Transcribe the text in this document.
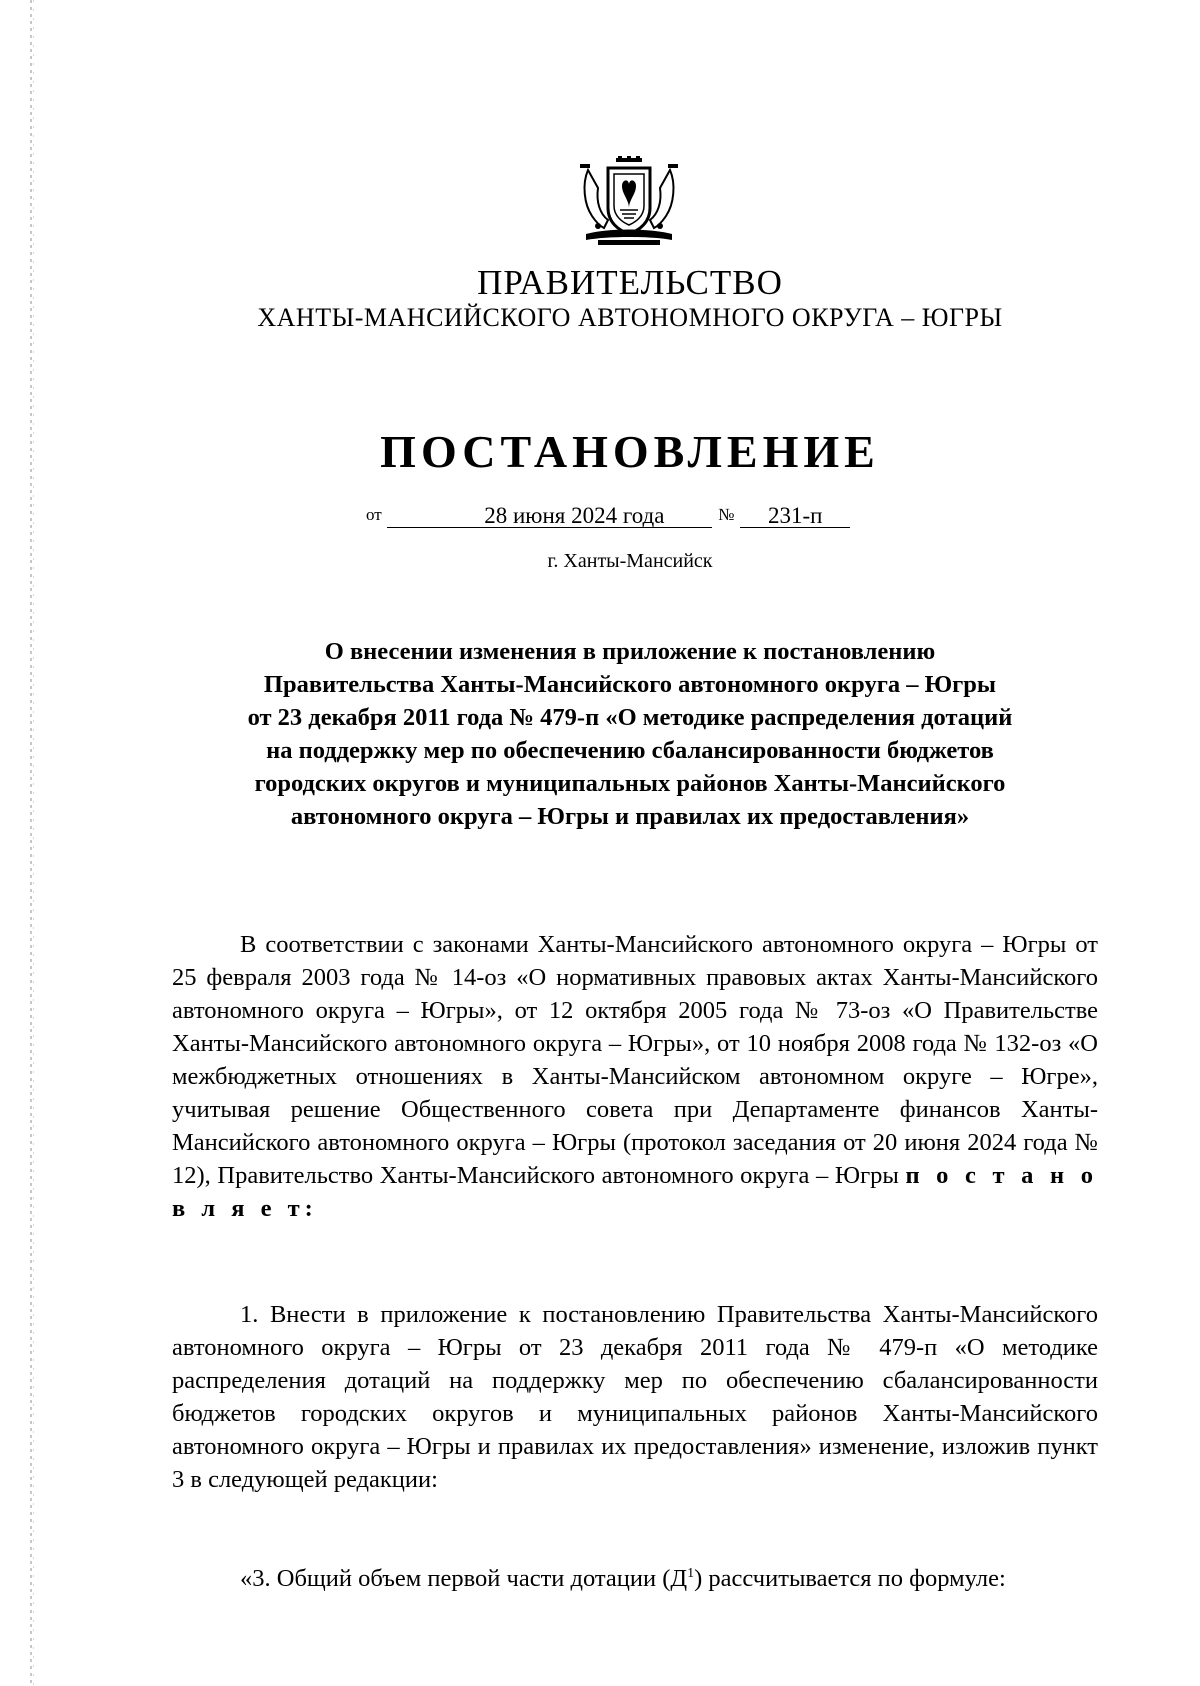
ПРАВИТЕЛЬСТВО
ХАНТЫ-МАНСИЙСКОГО АВТОНОМНОГО ОКРУГА – ЮГРЫ
ПОСТАНОВЛЕНИЕ
от	28 июня 2024 года	№ 231-п
г. Ханты-Мансийск
О внесении изменения в приложение к постановлению
Правительства Ханты-Мансийского автономного округа – Югры
от 23 декабря 2011 года № 479-п «О методике распределения дотаций
на поддержку мер по обеспечению сбалансированности бюджетов
городских округов и муниципальных районов Ханты-Мансийского
автономного округа – Югры и правилах их предоставления»
В соответствии с законами Ханты-Мансийского автономного округа – Югры от 25 февраля 2003 года № 14-оз «О нормативных правовых актах Ханты-Мансийского автономного округа – Югры», от 12 октября 2005 года № 73-оз «О Правительстве Ханты-Мансийского автономного округа – Югры», от 10 ноября 2008 года № 132-оз «О межбюджетных отношениях в Ханты-Мансийском автономном округе – Югре», учитывая решение Общественного совета при Департаменте финансов Ханты-Мансийского автономного округа – Югры (протокол заседания от 20 июня 2024 года № 12), Правительство Ханты-Мансийского автономного округа – Югры п о с т а н о в л я е т:
1. Внести в приложение к постановлению Правительства Ханты-Мансийского автономного округа – Югры от 23 декабря 2011 года № 479-п «О методике распределения дотаций на поддержку мер по обеспечению сбалансированности бюджетов городских округов и муниципальных районов Ханты-Мансийского автономного округа – Югры и правилах их предоставления» изменение, изложив пункт 3 в следующей редакции:
«3. Общий объем первой части дотации $(Д^1)$ рассчитывается по формуле:
